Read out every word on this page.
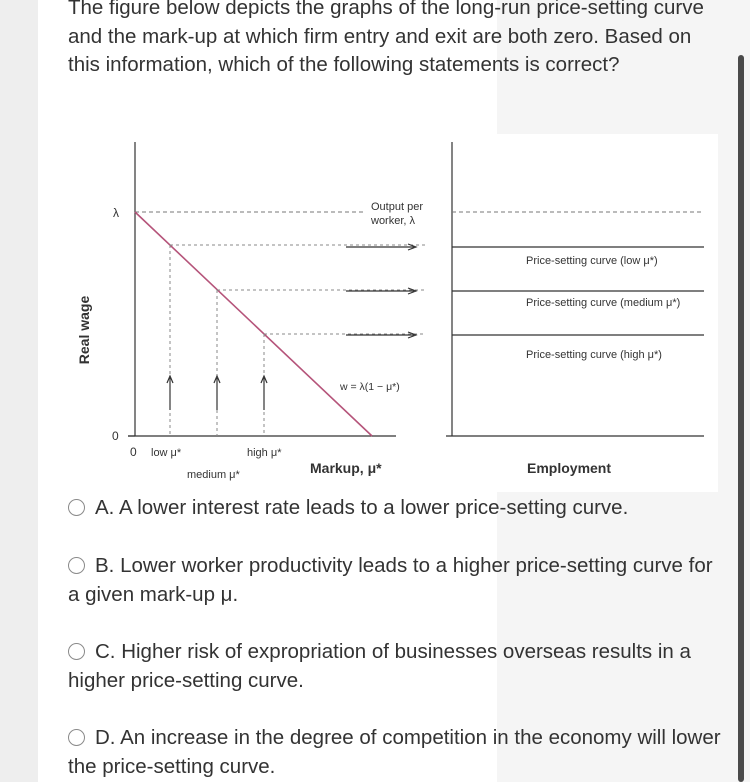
The figure below depicts the graphs of the long-run price-setting curve and the mark-up at which firm entry and exit are both zero. Based on this information, which of the following statements is correct?

Real wage
λ
0
0 low μ*	high μ*
medium μ*	Markup, μ*	Employment
Output per
worker, λ
w = λ(1 − μ*)
Price-setting curve (low μ*)
Price-setting curve (medium μ*)
Price-setting curve (high μ*)

A. A lower interest rate leads to a lower price-setting curve.

B. Lower worker productivity leads to a higher price-setting curve for a given mark-up μ.

C. Higher risk of expropriation of businesses overseas results in a higher price-setting curve.

D. An increase in the degree of competition in the economy will lower the price-setting curve.
